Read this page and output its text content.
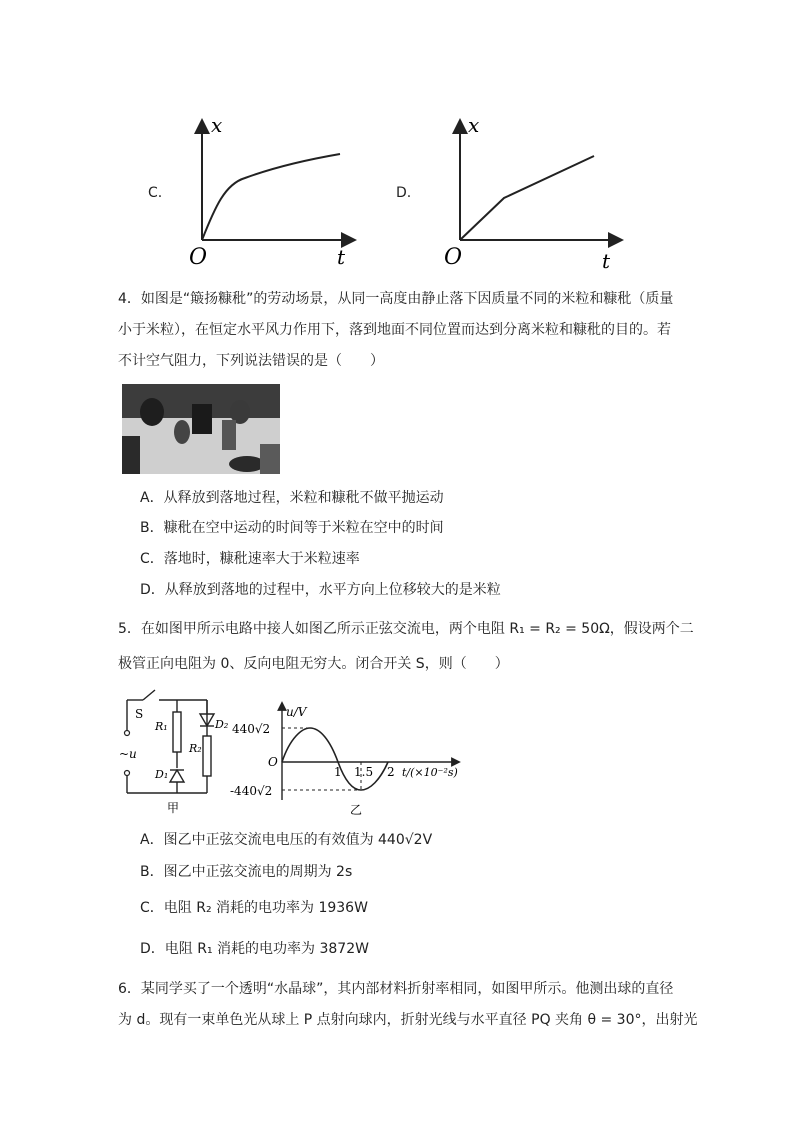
C.
x
O	t
D.
x
O	t
4．如图是“簸扬糠秕”的劳动场景，从同一高度由静止落下因质量不同的米粒和糠秕（质量
小于米粒），在恒定水平风力作用下，落到地面不同位置而达到分离米粒和糠秕的目的。若
不计空气阻力，下列说法错误的是（　　）
A．从释放到落地过程，米粒和糠秕不做平抛运动
B．糠秕在空中运动的时间等于米粒在空中的时间
C．落地时，糠秕速率大于米粒速率
D．从释放到落地的过程中，水平方向上位移较大的是米粒
5．在如图甲所示电路中接人如图乙所示正弦交流电，两个电阻 R₁ = R₂ = 50Ω，假设两个二
极管正向电阻为 0、反向电阻无穷大。闭合开关 S，则（　　）
S
~u
R₁
R₂
D₁
D₂
甲
u/V
440√2
O
-440√2
1 1.5 2 t/(×10⁻²s)
乙
A．图乙中正弦交流电电压的有效值为 440√2V
B．图乙中正弦交流电的周期为 2s
C．电阻 R₂ 消耗的电功率为 1936W
D．电阻 R₁ 消耗的电功率为 3872W
6．某同学买了一个透明“水晶球”，其内部材料折射率相同，如图甲所示。他测出球的直径
为 d。现有一束单色光从球上 P 点射向球内，折射光线与水平直径 PQ 夹角 θ = 30°，出射光
